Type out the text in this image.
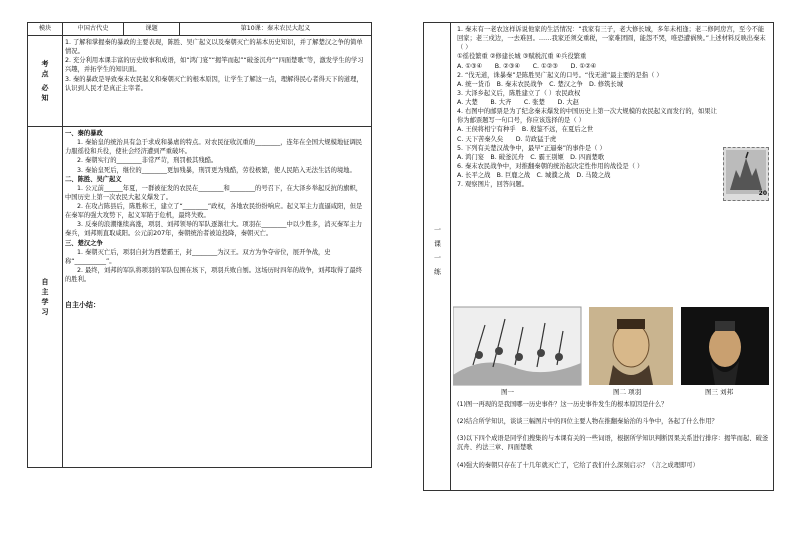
模块	中国古代史	课题	第10课：秦末农民大起义
考
点
必
知

1. 了解和掌握秦的暴政的主要表现，陈胜、吴广起义以及秦朝灭亡的基本历史知识，并了解楚汉之争的简单情况。

2. 充分利用本课丰富的历史故事和成语，如“鸿门宴”“揭竿而起”“破釜沉舟”“四面楚歌”等，激发学生的学习兴趣，并拓学生的知识面。

3. 秦的暴政是导致秦末农民起义和秦朝灭亡的根本原因，让学生了解这一点，理解得民心者得天下的道理，认识到人民才是真正主宰者。

自
主
学
习

一、秦的暴政

1. 秦始皇的统治具有急于求成和暴虐的特点。对农民征收沉重的________，连年在全国大规模地征调民力服徭役和兵役，使社会经济遭到严重破坏。

2. 秦朝实行的________非常严苛，刑罚极其残酷。

3. 秦始皇死后，继位的________更加残暴，刑罚更为残酷，劳役极繁，使人民陷入无法生活的境地。

二、陈胜、吴广起义

1. 公元前______年夏，一群被征发的农民在________和________的号召下，在大泽乡举起反抗的旗帜，中国历史上第一次农民大起义爆发了。

2. 在攻占陈县后，陈胜称王，建立了“________”政权，各地农民纷纷响应。起义军主力直逼咸阳，但是在秦军的强大攻势下，起义军陷于危机，最终失败。

3. 反秦的浪潮继续高涨，项羽、刘邦领导的军队逐渐壮大。项羽在________中以少胜多，消灭秦军主力秦兵，刘邦则直取咸阳。公元前207年，秦朝统治者被迫投降，秦朝灭亡。

三、楚汉之争

1. 秦朝灭亡后，项羽自封为西楚霸王，封________为汉王。双方为争夺帝位，展开争战，史称“__________”。

2. 最终，刘邦的军队将项羽的军队包围在垓下，项羽兵败自刎。这场历时四年的战争，刘邦取得了最终的胜利。

自主小结：

一
课
一
练

1. 秦末有一老农这样诉说他家的生活情况：“我家有三子，老大修长城，多年未相逢；老二修阿房宫，至今不能回家；老三戍边，一去难回。……我家还须交重税，一家难团圆，能怨不哭，唯恐遭祸殃。”上述材料反映出秦末（ ）

①徭役繁重 ②修建长城 ③赋税沉重 ④兵役繁重

A. ①③④　　B. ②③④　　C. ①②③　　D. ①②④

2. “伐无道，诛暴秦”是陈胜吴广起义的口号。“伐无道”最主要的是指（ ）

A. 统一货币　B. 秦末农民战争　C. 楚汉之争　D. 修筑长城

3. 大泽乡起义后，陈胜建立了（ ）农民政权

A. 大楚　　B. 大齐　　C. 张楚　　D. 大赵

4. 右图中的邮票是为了纪念秦末爆发的中国历史上第一次大规模的农民起义而发行的，如果让你为邮票题写一句口号，你应该选择的是（ ）

A. 王侯将相宁有种乎　B. 殷鉴不远，在夏后之世

C. 天下苦秦久矣　　D. 苛政猛于虎

5. 下列有关楚汉战争中，最早“正逼秦”的事件是（ ）

A. 鸿门宴　B. 破釜沉舟　C. 霸王别姬　D. 四面楚歌

6. 秦末农民战争中，对推翻秦朝的统治起决定性作用的战役是（ ）

A. 长平之战　B. 巨鹿之战　C. 城濮之战　D. 马陵之战

7. 观察图片，回答问题。

20
图一	图二 项羽	图三 刘邦

(1)图一再现的是我国哪一历史事件？这一历史事件发生的根本原因是什么？

(2)结合所学知识，谈谈三幅图片中的四位主要人物在推翻秦始治的斗争中，各起了什么作用？

(3)以下四个成语是同学们搜集的与本课有关的一些词语，根据所学知识判断因果关系进行排序：揭竿而起、破釜沉舟、约法三章、四面楚歌

(4)强大的秦朝只存在了十几年就灭亡了，它给了我们什么深刻启示？（言之成理即可）
